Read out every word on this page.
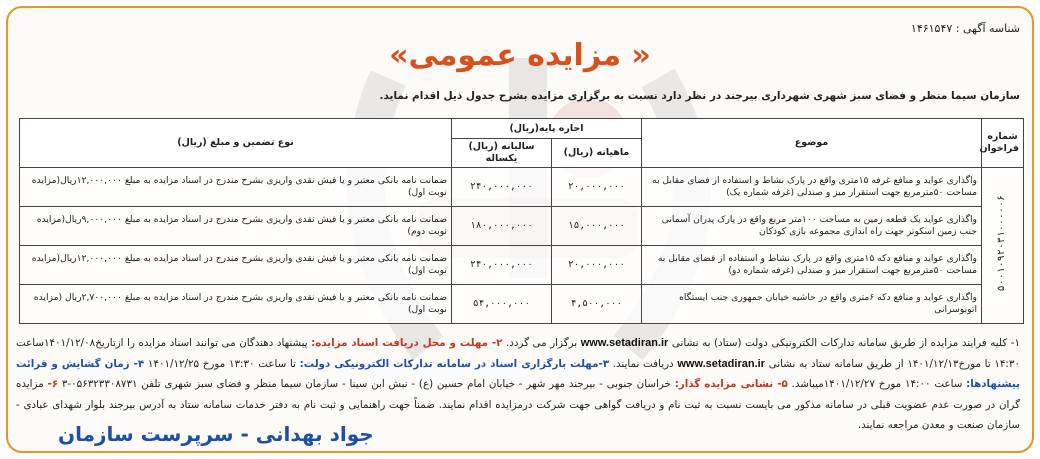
شناسه آگهی : ۱۴۶۱۵۴۷
« مزایده عمومی»
سازمان سیما منظر و فضای سبز شهری شهرداری بیرجند در نظر دارد نسبت به برگزاری مزایده بشرح جدول ذیل اقدام نماید.
شماره فراخوان	موضوع	اجاره پایه(ریال)		نوع تضمین و مبلغ (ریال)
		ماهیانه (ریال)	سالیانه (ریال) یکساله	
۵۰۰۱۰۹۲۰۳۱۰۰۰۰۰۶	واگذاری عواید و منافع غرفه ۱۵متری واقع در پارک نشاط و استفاده از فضای مقابل به مساحت ۵۰مترمربع جهت استقرار میز و صندلی (غرفه شماره یک)	۲۰,۰۰۰,۰۰۰	۲۴۰,۰۰۰,۰۰۰	ضمانت نامه بانکی معتبر و یا فیش نقدی واریزی بشرح مندرج در اسناد مزایده به مبلغ ۱۲,۰۰۰,۰۰۰ریال(مزایده نوبت اول)
	واگذاری عواید یک قطعه زمین به مساحت ۱۰۰متر مربع واقع در پارک پدران آسمانی جنب زمین اسکوتر جهت راه اندازی مجموعه بازی کودکان	۱۵,۰۰۰,۰۰۰	۱۸۰,۰۰۰,۰۰۰	ضمانت نامه بانکی معتبر و یا فیش نقدی واریزی بشرح مندرج در اسناد مزایده به مبلغ ۹,۰۰۰,۰۰۰ریال(مزایده نوبت دوم)
	واگذاری عواید و منافع دکه ۱۵متری واقع در پارک نشاط و استفاده از فضای مقابل به مساحت ۵۰مترمربع جهت استقرار میز و صندلی (غرفه شماره دو)	۲۰,۰۰۰,۰۰۰	۲۴۰,۰۰۰,۰۰۰	ضمانت نامه بانکی معتبر و یا فیش نقدی واریزی بشرح مندرج در اسناد مزایده به مبلغ ۱۲,۰۰۰,۰۰۰ریال(مزایده نوبت اول)
	واگذاری عواید و منافع دکه ۶متری واقع در حاشیه خیابان جمهوری جنب ایستگاه اتوبوسرانی	۴,۵۰۰,۰۰۰	۵۴,۰۰۰,۰۰۰	ضمانت نامه بانکی معتبر و یا فیش نقدی واریزی بشرح مندرج در اسناد مزایده به مبلغ ۲,۷۰۰,۰۰۰ریال (مزایده نوبت اول)
۱- کلیه فرایند مزایده از طریق سامانه تدارکات الکترونیکی دولت (ستاد) به نشانی www.setadiran.ir برگزار می گردد. ۲- مهلت و محل دریافت اسناد مزایده: پیشنهاد دهندگان می توانند اسناد مزایده را ازتاریخ۱۴۰۱/۱۲/۰۸ساعت ۱۴:۳۰ تا مورخ۱۴۰۱/۱۲/۱۳ از طریق سامانه ستاد به نشانی www.setadiran.ir دریافت نمایند. ۳-مهلت بارگزاری اسناد در سامانه تدارکات الکترونیکی دولت: تا ساعت ۱۳:۳۰ مورخ ۱۴۰۱/۱۲/۲۵ ۴- زمان گشایش و قرائت پیشنهادها: ساعت ۱۴:۰۰ مورخ ۱۴۰۱/۱۲/۲۷میباشد. ۵- نشانی مزایده گذار: خراسان جنوبی - بیرجند مهر شهر - خیابان امام حسین (ع) - نبش ابن سینا - سازمان سیما منظر و فضای سبز شهری تلفن ۰۵۶۳۲۳۳۰۸۷۳۱-۳ ۶- مزایده گران در صورت عدم عضویت قبلی در سامانه مذکور می بایست نسبت به ثبت نام و دریافت گواهی جهت شرکت درمزایده اقدام نمایند. ضمناً جهت راهنمایی و ثبت نام به دفتر خدمات سامانه ستاد به آدرس بیرجند بلوار شهدای عبادی - سازمان صنعت و معدن مراجعه نمایند.
جواد بهدانی - سرپرست سازمان
